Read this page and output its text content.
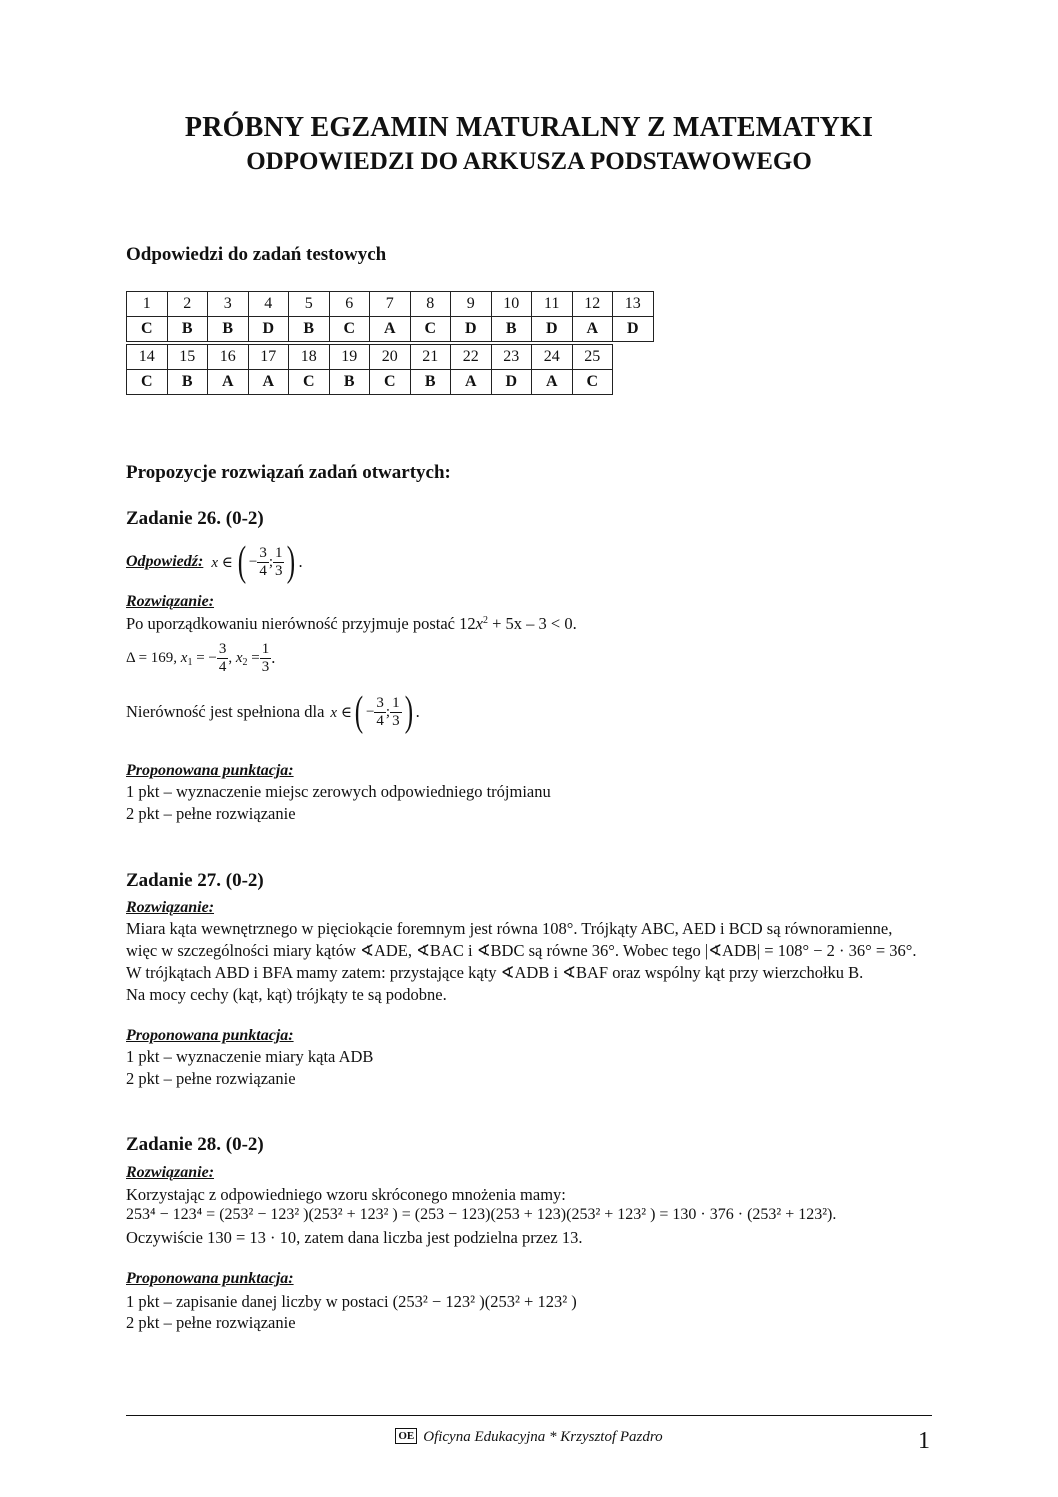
PRÓBNY EGZAMIN MATURALNY Z MATEMATYKI
ODPOWIEDZI DO ARKUSZA PODSTAWOWEGO
Odpowiedzi do zadań testowych
1	2	3	4	5	6	7	8	9	10	11	12	13
C	B	B	D	B	C	A	C	D	B	D	A	D
14	15	16	17	18	19	20	21	22	23	24	25
C	B	A	A	C	B	C	B	A	D	A	C
Propozycje rozwiązań zadań otwartych:
Zadanie 26. (0-2)
Odpowiedź: x ∈ ( − $\frac{3}{4}$ ; $\frac{1}{3}$ ) .
Rozwiązanie:
Po uporządkowaniu nierówność przyjmuje postać $12x^2 + 5x - 3 < 0$.
Δ = 169, $x_1$ = − $\frac{3}{4}$ , $x_2 = \frac{1}{3}$ .
Nierówność jest spełniona dla x ∈ ( − $\frac{3}{4}$ ; $\frac{1}{3}$ ) .
Proponowana punktacja:
1 pkt – wyznaczenie miejsc zerowych odpowiedniego trójmianu
2 pkt – pełne rozwiązanie
Zadanie 27. (0-2)
Rozwiązanie:
Miara kąta wewnętrznego w pięciokącie foremnym jest równa 108°. Trójkąty ABC, AED i BCD są równoramienne,
więc w szczególności miary kątów ∢ADE, ∢BAC i ∢BDC są równe 36°. Wobec tego |∢ADB| = 108° − 2 · 36° = 36°.
W trójkątach ABD i BFA mamy zatem: przystające kąty ∢ADB i ∢BAF oraz wspólny kąt przy wierzchołku B.
Na mocy cechy (kąt, kąt) trójkąty te są podobne.
Proponowana punktacja:
1 pkt – wyznaczenie miary kąta ADB
2 pkt – pełne rozwiązanie
Zadanie 28. (0-2)
Rozwiązanie:
Korzystając z odpowiedniego wzoru skróconego mnożenia mamy:
253⁴ − 123⁴ = (253² − 123² )(253² + 123² ) = (253 − 123)(253 + 123)(253² + 123² ) = 130 · 376 · (253² + 123²).
Oczywiście 130 = 13 · 10, zatem dana liczba jest podzielna przez 13.
Proponowana punktacja:
1 pkt – zapisanie danej liczby w postaci (253² − 123² )(253² + 123² )
2 pkt – pełne rozwiązanie
OE Oficyna Edukacyjna * Krzysztof Pazdro	1
